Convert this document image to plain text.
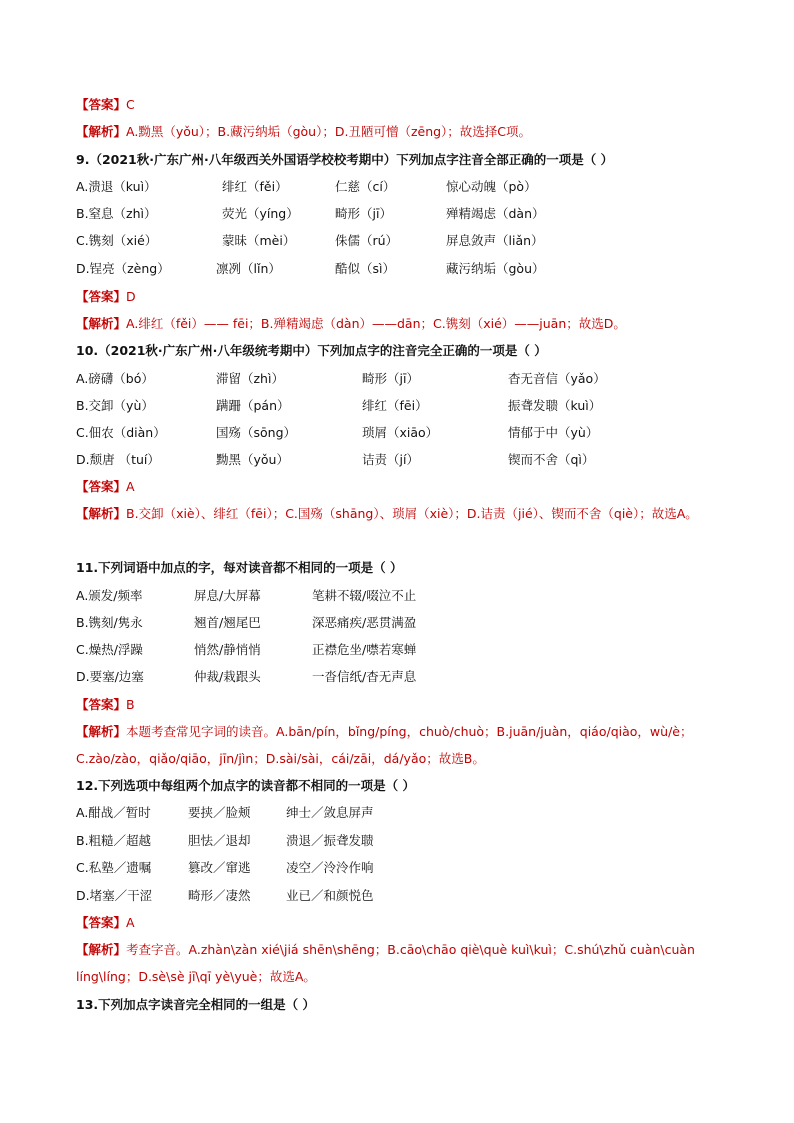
【答案】C
【解析】A.黝黑（yǒu）；B.藏污纳垢（gòu）；D.丑陋可憎（zēng）；故选择C项。
9.（2021秋·广东广州·八年级西关外国语学校校考期中）下列加点字注音全部正确的一项是（ ）
A.溃退（kuì）	绯红（fěi）	仁慈（cí）	惊心动魄（pò）
B.窒息（zhì）	荧光（yíng）	畸形（jī）	殚精竭虑（dàn）
C.镌刻（xié）	蒙昧（mèi）	侏儒（rú）	屏息敛声（liǎn）
D.锃亮（zèng）	凛冽（lǐn）	酷似（sì）	藏污纳垢（gòu）
【答案】D
【解析】A.绯红（fěi）—— fēi；B.殚精竭虑（dàn）——dān；C.镌刻（xié）——juān；故选D。
10.（2021秋·广东广州·八年级统考期中）下列加点字的注音完全正确的一项是（ ）
A.磅礴（bó）	滞留（zhì）	畸形（jī）	杳无音信（yǎo）
B.交卸（yù）	蹒跚（pán）	绯红（fēi）	振聋发聩（kuì）
C.佃农（diàn）	国殇（sōng）	琐屑（xiāo）	情郁于中（yù）
D.颓唐 （tuí）	黝黑（yǒu）	诘责（jí）	锲而不舍（qì）
【答案】A
【解析】B.交卸（xiè）、绯红（fēi）；C.国殇（shāng）、琐屑（xiè）；D.诘责（jié）、锲而不舍（qiè）；故选A。
11.下列词语中加点的字，每对读音都不相同的一项是（ ）
A.颁发/频率	屏息/大屏幕	笔耕不辍/啜泣不止
B.镌刻/隽永	翘首/翘尾巴	深恶痛疾/恶贯满盈
C.燥热/浮躁	悄然/静悄悄	正襟危坐/噤若寒蝉
D.要塞/边塞	仲裁/栽跟头	一沓信纸/杳无声息
【答案】B
【解析】本题考查常见字词的读音。A.bān/pín，bǐng/píng，chuò/chuò；B.juān/juàn，qiáo/qiào，wù/è；C.zào/zào，qiǎo/qiāo，jīn/jìn；D.sài/sài，cái/zāi，dá/yǎo；故选B。
12.下列选项中每组两个加点字的读音都不相同的一项是（ ）
A.酣战／暂时	要挟／脸颊	绅士／敛息屏声
B.粗糙／超越	胆怯／退却	溃退／振聋发聩
C.私塾／遗嘱	篡改／窜逃	凌空／泠泠作响
D.堵塞／干涩	畸形／凄然	业已／和颜悦色
【答案】A
【解析】考查字音。A.zhàn\zàn xié\jiá shēn\shēng；B.cāo\chāo qiè\què kuì\kuì；C.shú\zhǔ cuàn\cuàn líng\líng；D.sè\sè jī\qī yè\yuè；故选A。
13.下列加点字读音完全相同的一组是（ ）
